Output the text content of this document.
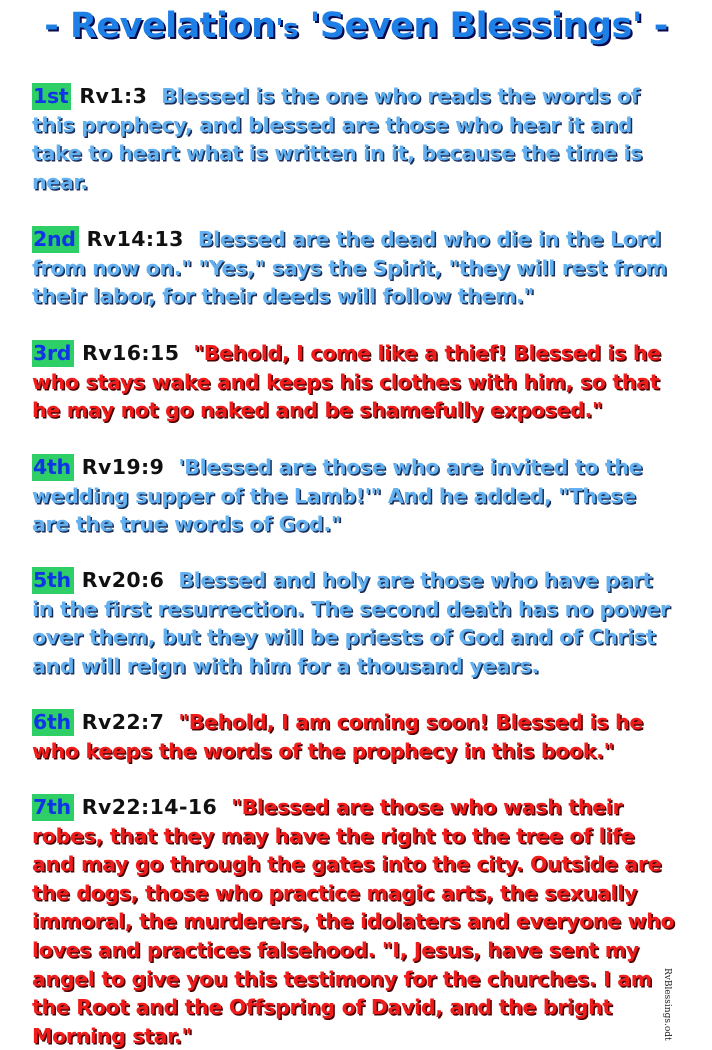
- Revelation's 'Seven Blessings' -
1st Rv1:3 Blessed is the one who reads the words of this prophecy, and blessed are those who hear it and take to heart what is written in it, because the time is near.
2nd Rv14:13 Blessed are the dead who die in the Lord from now on." "Yes," says the Spirit, "they will rest from their labor, for their deeds will follow them."
3rd Rv16:15 "Behold, I come like a thief! Blessed is he who stays wake and keeps his clothes with him, so that he may not go naked and be shamefully exposed."
4th Rv19:9 'Blessed are those who are invited to the wedding supper of the Lamb!'" And he added, "These are the true words of God."
5th Rv20:6 Blessed and holy are those who have part in the first resurrection. The second death has no power over them, but they will be priests of God and of Christ and will reign with him for a thousand years.
6th Rv22:7 "Behold, I am coming soon! Blessed is he who keeps the words of the prophecy in this book."
7th Rv22:14-16 "Blessed are those who wash their robes, that they may have the right to the tree of life and may go through the gates into the city. Outside are the dogs, those who practice magic arts, the sexually immoral, the murderers, the idolaters and everyone who loves and practices falsehood. "I, Jesus, have sent my angel to give you this testimony for the churches. I am the Root and the Offspring of David, and the bright Morning star."	RvBlessings.odt
